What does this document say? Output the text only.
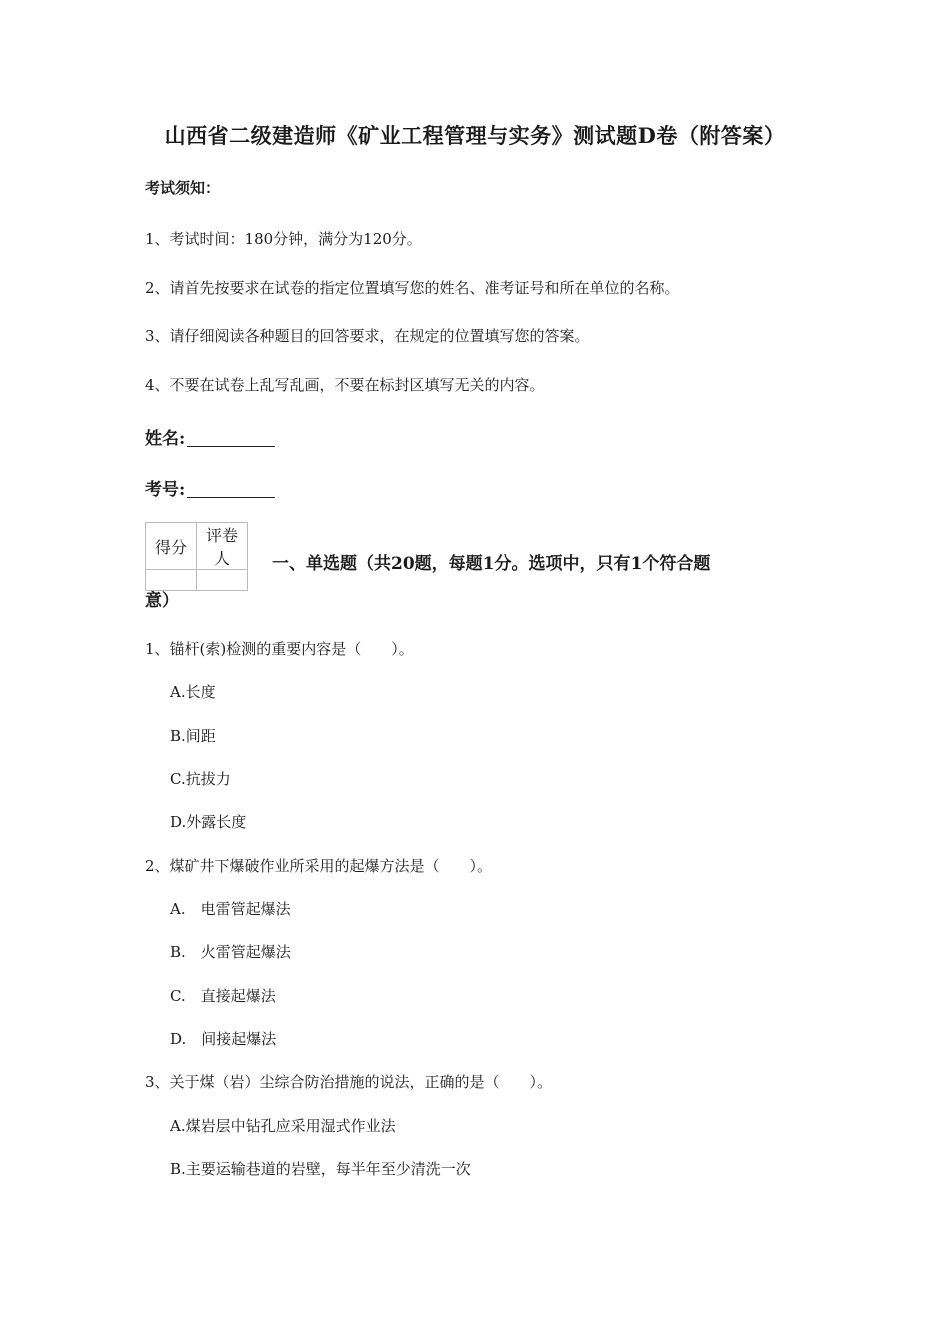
山西省二级建造师《矿业工程管理与实务》测试题D卷（附答案）
考试须知：
1、考试时间：180分钟，满分为120分。
2、请首先按要求在试卷的指定位置填写您的姓名、准考证号和所在单位的名称。
3、请仔细阅读各种题目的回答要求，在规定的位置填写您的答案。
4、不要在试卷上乱写乱画，不要在标封区填写无关的内容。
姓名:
考号:
得分	评卷人
	一、单选题（共20题，每题1分。选项中，只有1个符合题
意）
1、锚杆(索)检测的重要内容是（　　）。
A.长度
B.间距
C.抗拔力
D.外露长度
2、煤矿井下爆破作业所采用的起爆方法是（　　）。
A.　电雷管起爆法
B.　火雷管起爆法
C.　直接起爆法
D.　间接起爆法
3、关于煤（岩）尘综合防治措施的说法，正确的是（　　）。
A.煤岩层中钻孔应采用湿式作业法
B.主要运输巷道的岩壁，每半年至少清洗一次
